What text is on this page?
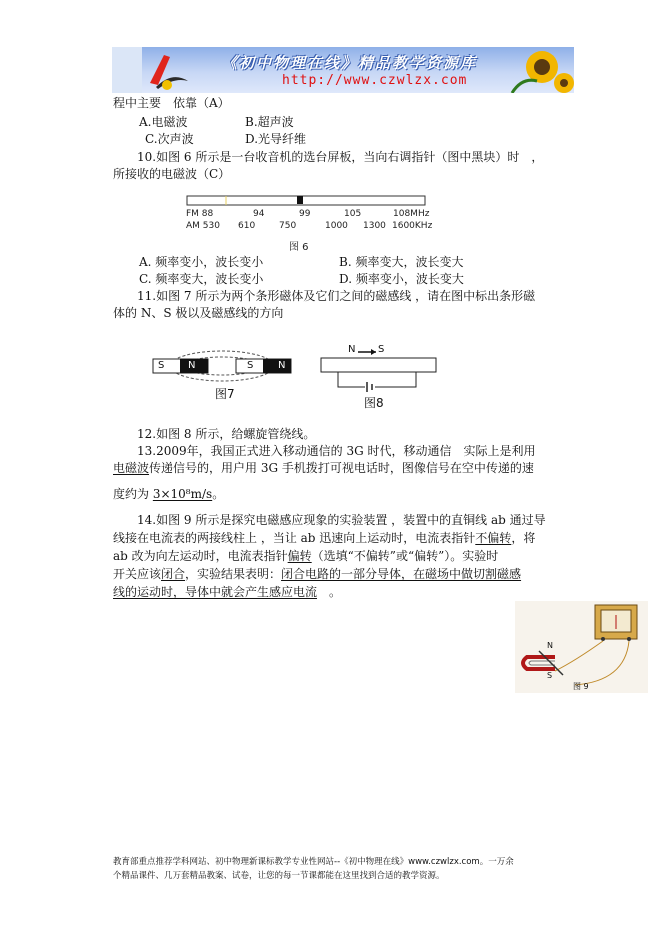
《初中物理在线》精品教学资源库
http://www.czwlzx.com
程中主要　依靠（A）
A.电磁波	B.超声波
C.次声波	D.光导纤维
10.如图 6 所示是一台收音机的选台屏板，当向右调指针（图中黑块）时　，
所接收的电磁波（C）
FM 88	94	99	105	108MHz
AM 530 610	750	1000 1300 1600KHz
图 6
A. 频率变小，波长变小	B. 频率变大，波长变大
C. 频率变大，波长变小	D. 频率变小，波长变大
11.如图 7 所示为两个条形磁体及它们之间的磁感线 ，请在图中标出条形磁
体的 N、S 极以及磁感线的方向
S N	S N
图7
N S
图8
12.如图 8 所示，给螺旋管绕线。
13.2009年，我国正式进入移动通信的 3G 时代，移动通信　实际上是利用
电磁波传递信号的，用户用 3G 手机拨打可视电话时，图像信号在空中传递的速
度约为 3×10⁸m/s。
14.如图 9 所示是探究电磁感应现象的实验装置 ，装置中的直铜线 ab 通过导
线接在电流表的两接线柱上 ，当让 ab 迅速向上运动时，电流表指针不偏转，将
ab 改为向左运动时，电流表指针偏转（选填“不偏转”或“偏转”）。实验时
开关应该闭合，实验结果表明：闭合电路的一部分导体，在磁场中做切割磁感
线的运动时，导体中就会产生感应电流　。
N
S
图 9
教育部重点推荐学科网站、初中物理新课标教学专业性网站--《初中物理在线》www.czwlzx.com。一万余
个精品课件、几万套精品教案、试卷，让您的每一节课都能在这里找到合适的教学资源。
